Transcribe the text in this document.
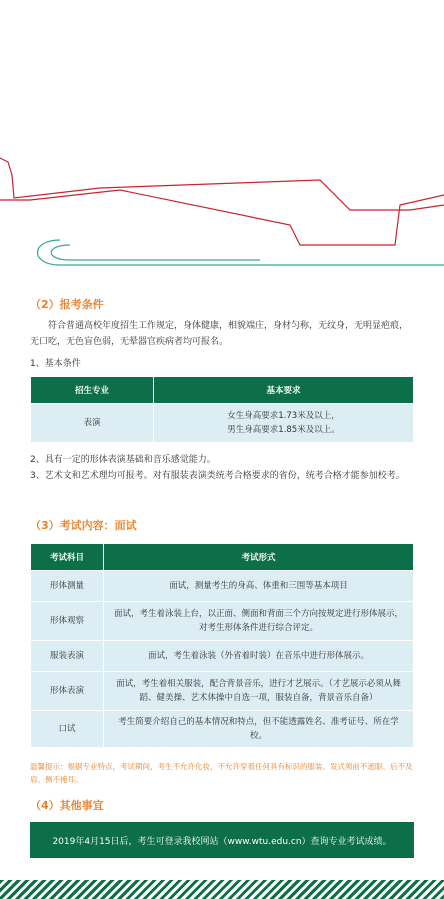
（2）报考条件
符合普通高校年度招生工作规定，身体健康，相貌端庄，身材匀称，无纹身，无明显疤痕，无口吃，无色盲色弱，无晕器官疾病者均可报名。
1、基本条件
招生专业	基本要求
表演	女生身高要求1.73米及以上，
男生身高要求1.85米及以上。
2、具有一定的形体表演基础和音乐感觉能力。
3、艺术文和艺术理均可报考。对有服装表演类统考合格要求的省份，统考合格才能参加校考。
（3）考试内容：面试
考试科目	考试形式
形体测量	面试，测量考生的身高、体重和三围等基本项目
形体观察	面试，考生着泳装上台，以正面、侧面和背面三个方向按规定进行形体展示，对考生形体条件进行综合评定。
服装表演	面试，考生着泳装（外省着时装）在音乐中进行形体展示。
形体表演	面试，考生着相关服装，配合背景音乐，进行才艺展示。（才艺展示必须从舞蹈、健美操、艺术体操中自选一项，服装自备，背景音乐自备）
口试	考生简要介绍自己的基本情况和特点，但不能透露姓名、准考证号、所在学校。
温馨提示：根据专业特点，考试期间，考生不允许化妆，不允许穿着任何具有标识的服装、发式须前不遮眼、后不及肩、侧不掩耳。
（4）其他事宜
2019年4月15日后，考生可登录我校网站（www.wtu.edu.cn）查询专业考试成绩。
